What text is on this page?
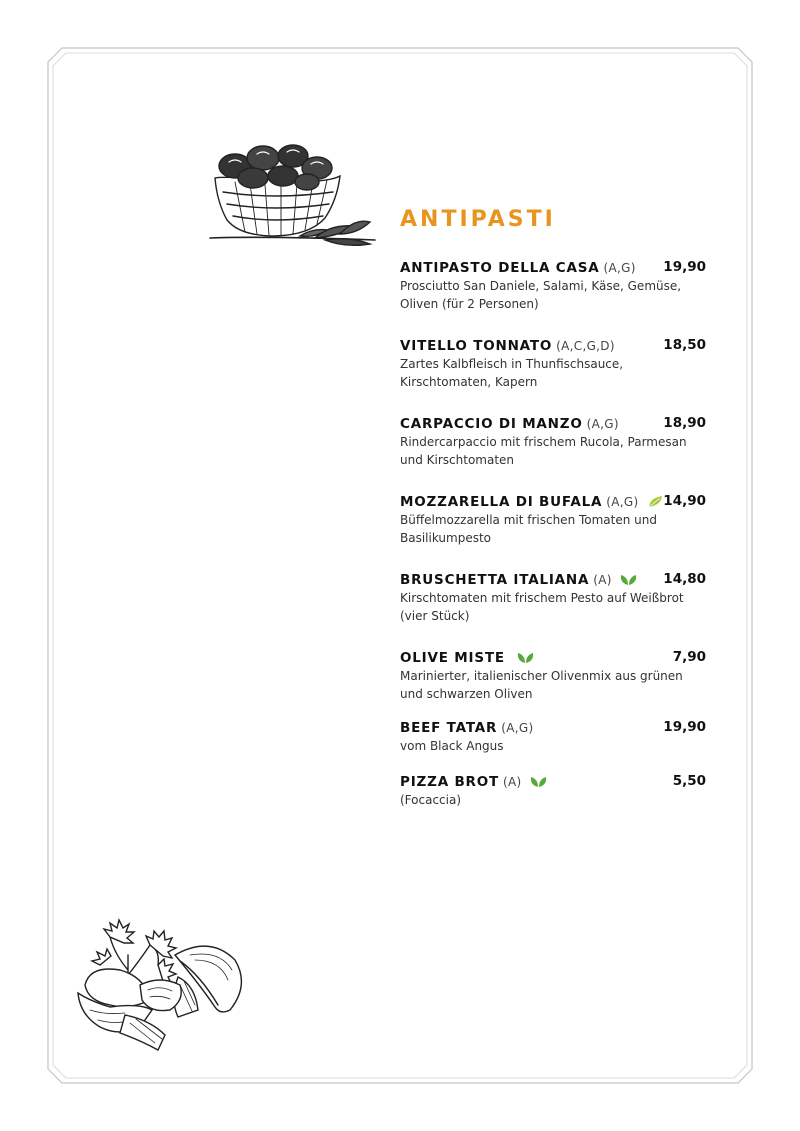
ANTIPASTI
ANTIPASTO DELLA CASA (A,G) 19,90
Prosciutto San Daniele, Salami, Käse, Gemüse, Oliven (für 2 Personen)
VITELLO TONNATO (A,C,G,D)	18,50
Zartes Kalbfleisch in Thunfischsauce, Kirschtomaten, Kapern
CARPACCIO DI MANZO (A,G)	18,90
Rindercarpaccio mit frischem Rucola, Parmesan und Kirschtomaten
MOZZARELLA DI BUFALA (A,G) 14,90
Büffelmozzarella mit frischen Tomaten und Basilikumpesto
BRUSCHETTA ITALIANA (A)	14,80
Kirschtomaten mit frischem Pesto auf Weißbrot (vier Stück)
OLIVE MISTE	7,90
Marinierter, italienischer Olivenmix aus grünen und schwarzen Oliven
BEEF TATAR (A,G)	19,90
vom Black Angus
PIZZA BROT (A)	5,50
(Focaccia)
